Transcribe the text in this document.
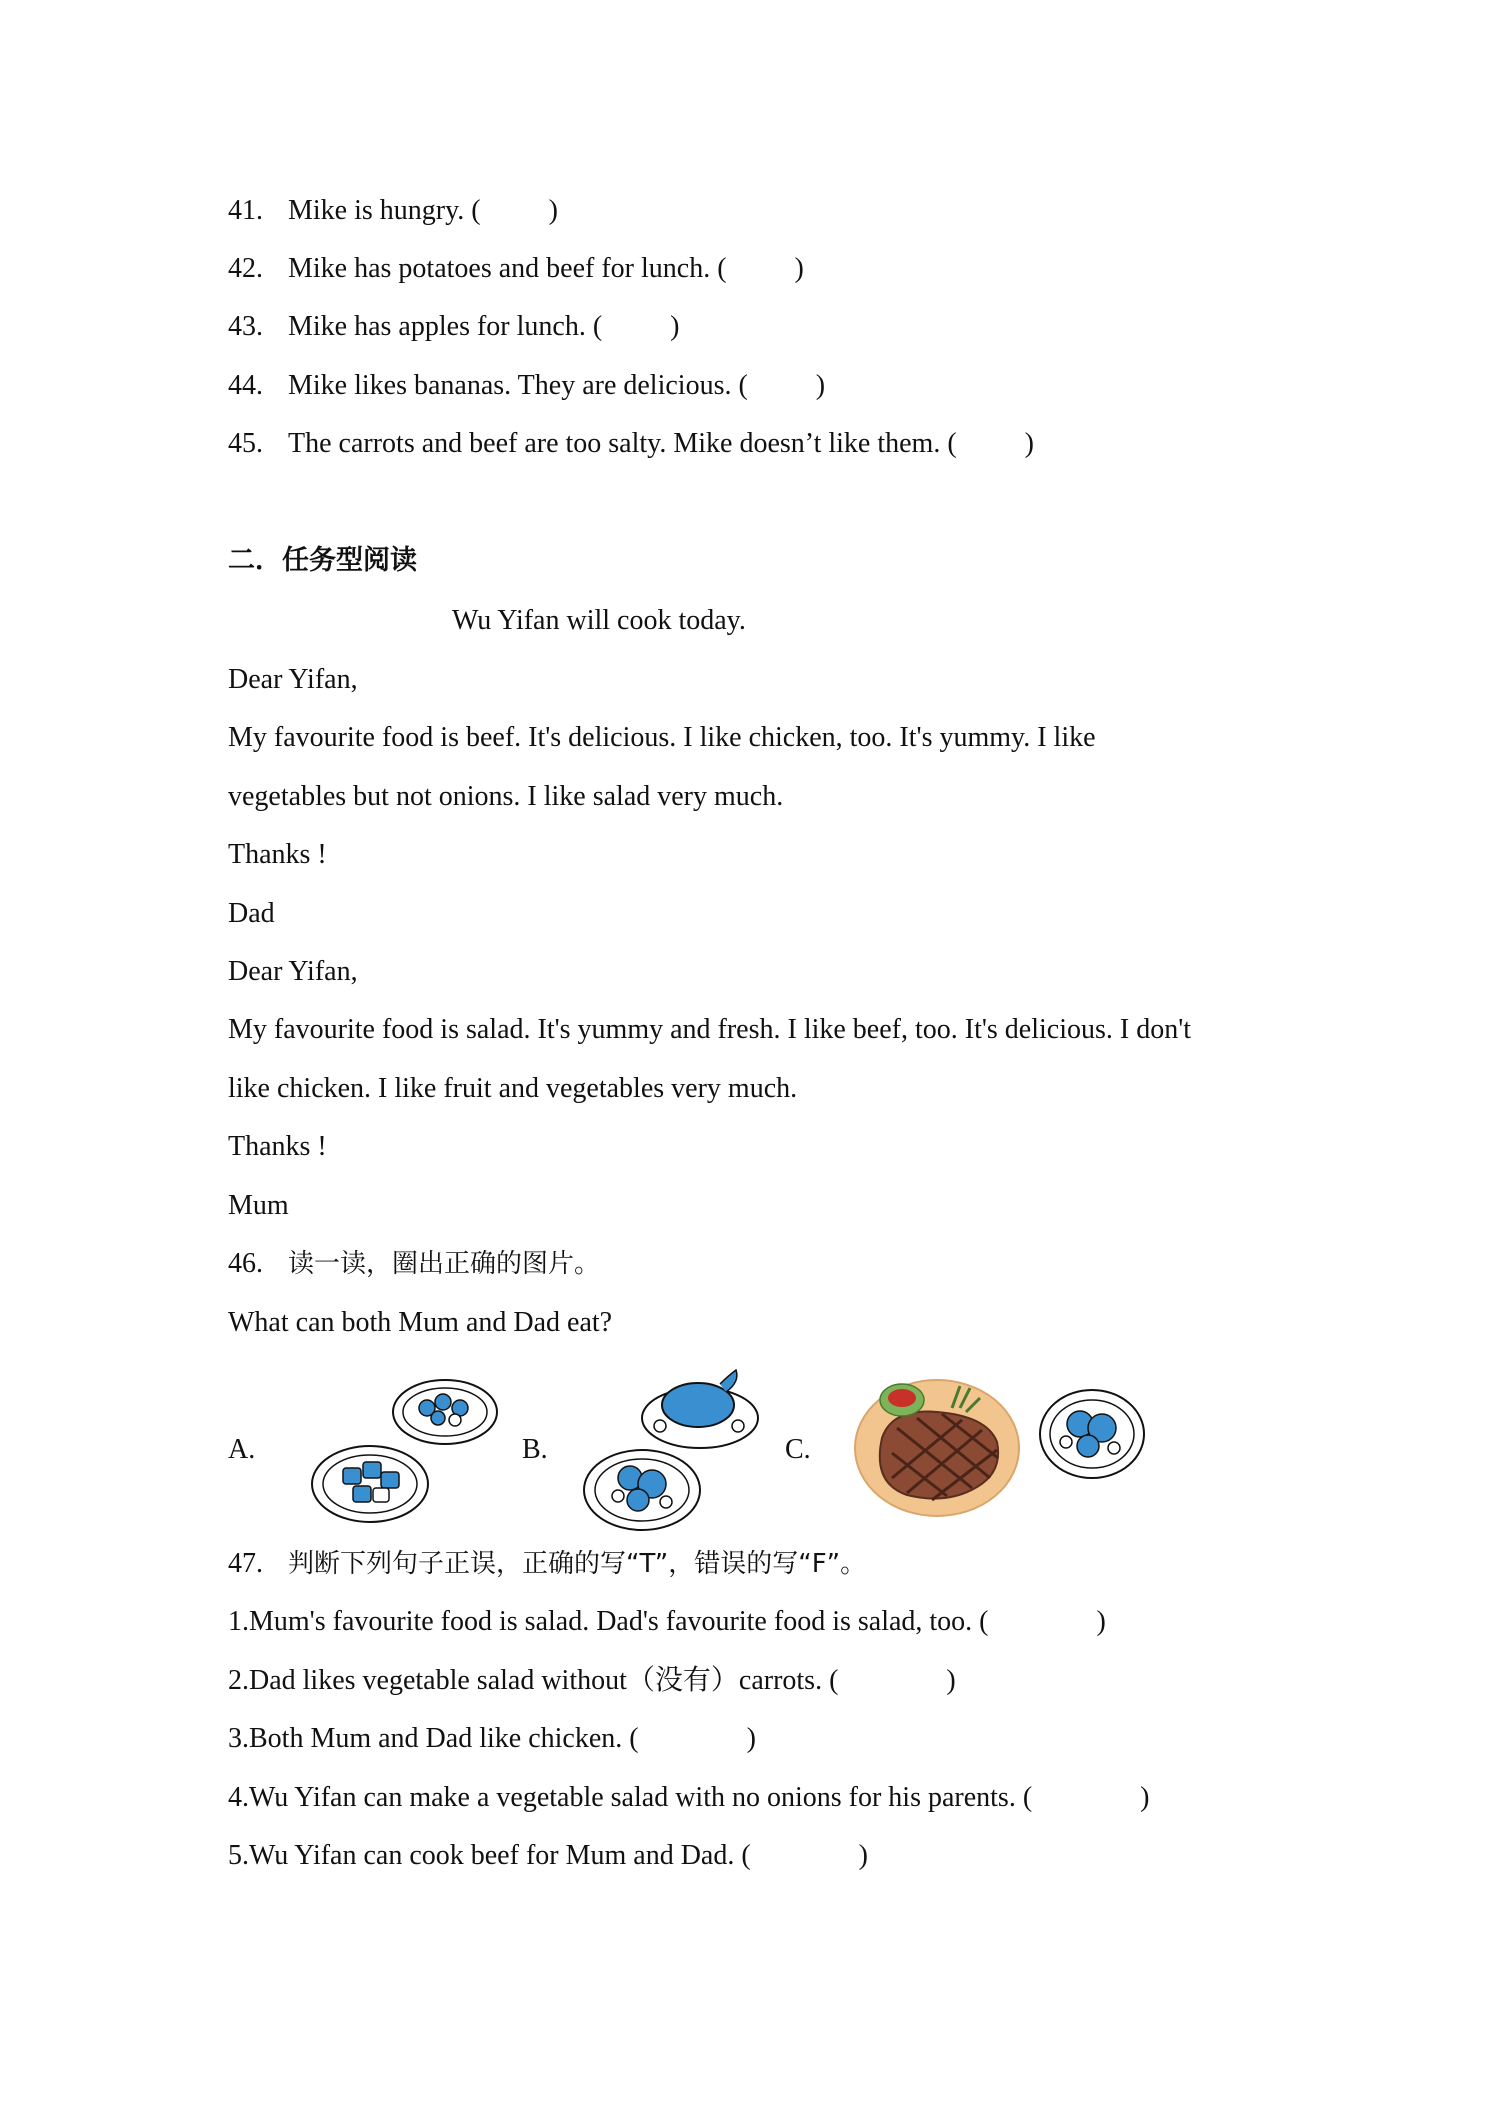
41. Mike is hungry. ( )
42. Mike has potatoes and beef for lunch. ( )
43. Mike has apples for lunch. ( )
44. Mike likes bananas. They are delicious. ( )
45. The carrots and beef are too salty. Mike doesn’t like them. ( )
二．任务型阅读
Wu Yifan will cook today.
Dear Yifan,
My favourite food is beef. It's delicious. I like chicken, too. It's yummy. I like
vegetables but not onions. I like salad very much.
Thanks !
Dad
Dear Yifan,
My favourite food is salad. It's yummy and fresh. I like beef, too. It's delicious. I don't
like chicken. I like fruit and vegetables very much.
Thanks !
Mum
46. 读一读，圈出正确的图片。
What can both Mum and Dad eat?
A.	B.	C.
47. 判断下列句子正误，正确的写“T”，错误的写“F”。
1.Mum's favourite food is salad. Dad's favourite food is salad, too. (	)
2.Dad likes vegetable salad without（没有）carrots. (	)
3.Both Mum and Dad like chicken. (	)
4.Wu Yifan can make a vegetable salad with no onions for his parents. (	)
5.Wu Yifan can cook beef for Mum and Dad. (	)
